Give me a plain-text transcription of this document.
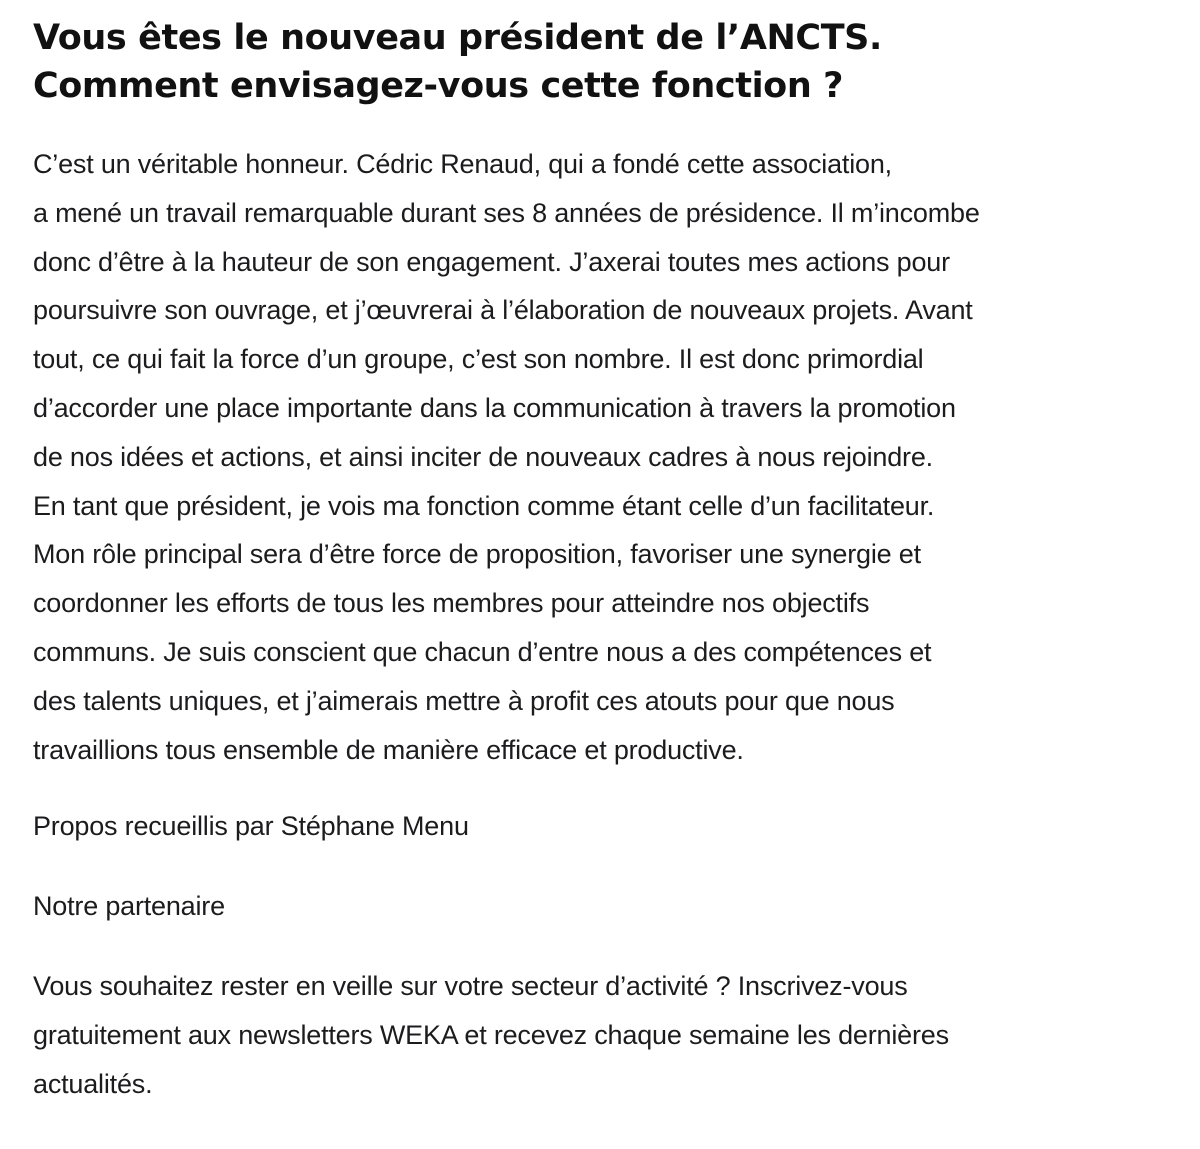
Vous êtes le nouveau président de l’ANCTS.
Comment envisagez-vous cette fonction ?

C’est un véritable honneur. Cédric Renaud, qui a fondé cette association,
a mené un travail remarquable durant ses 8 années de présidence. Il m’incombe
donc d’être à la hauteur de son engagement. J’axerai toutes mes actions pour
poursuivre son ouvrage, et j’œuvrerai à l’élaboration de nouveaux projets. Avant
tout, ce qui fait la force d’un groupe, c’est son nombre. Il est donc primordial
d’accorder une place importante dans la communication à travers la promotion
de nos idées et actions, et ainsi inciter de nouveaux cadres à nous rejoindre.
En tant que président, je vois ma fonction comme étant celle d’un facilitateur.
Mon rôle principal sera d’être force de proposition, favoriser une synergie et
coordonner les efforts de tous les membres pour atteindre nos objectifs
communs. Je suis conscient que chacun d’entre nous a des compétences et
des talents uniques, et j’aimerais mettre à profit ces atouts pour que nous
travaillions tous ensemble de manière efficace et productive.

Propos recueillis par Stéphane Menu

Notre partenaire

Vous souhaitez rester en veille sur votre secteur d’activité ? Inscrivez-vous
gratuitement aux newsletters WEKA et recevez chaque semaine les dernières
actualités.
